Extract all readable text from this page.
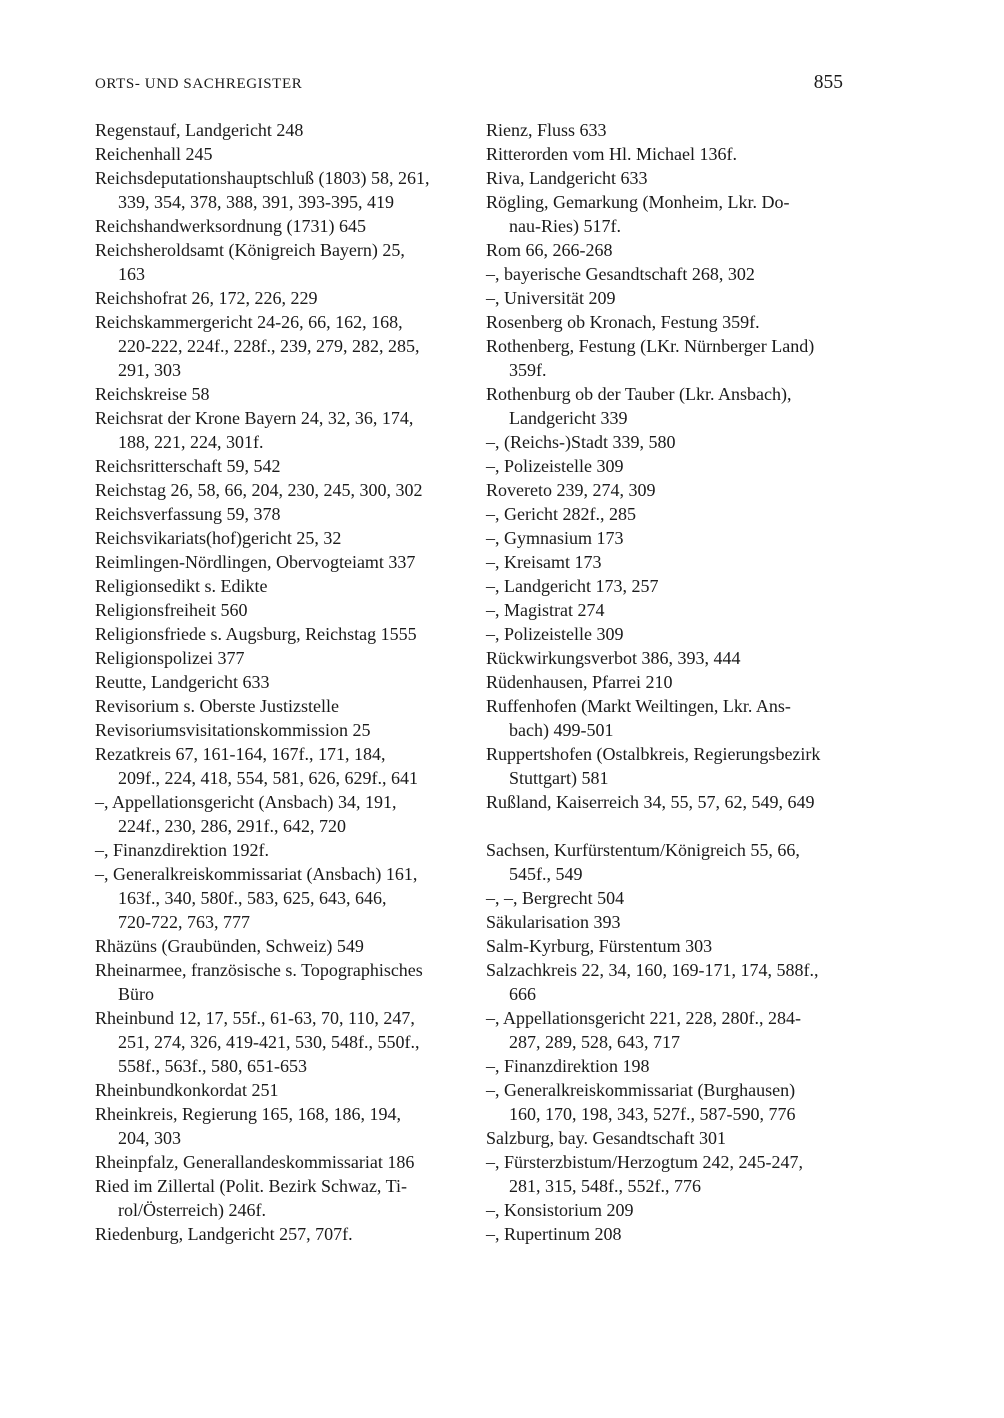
ORTS- UND SACHREGISTER	855
Regenstauf, Landgericht 248
Reichenhall 245
Reichsdeputationshauptschluß (1803) 58, 261,
339, 354, 378, 388, 391, 393-395, 419
Reichshandwerksordnung (1731) 645
Reichsheroldsamt (Königreich Bayern) 25,
163
Reichshofrat 26, 172, 226, 229
Reichskammergericht 24-26, 66, 162, 168,
220-222, 224f., 228f., 239, 279, 282, 285,
291, 303
Reichskreise 58
Reichsrat der Krone Bayern 24, 32, 36, 174,
188, 221, 224, 301f.
Reichsritterschaft 59, 542
Reichstag 26, 58, 66, 204, 230, 245, 300, 302
Reichsverfassung 59, 378
Reichsvikariats(hof)gericht 25, 32
Reimlingen-Nördlingen, Obervogteiamt 337
Religionsedikt s. Edikte
Religionsfreiheit 560
Religionsfriede s. Augsburg, Reichstag 1555
Religionspolizei 377
Reutte, Landgericht 633
Revisorium s. Oberste Justizstelle
Revisoriumsvisitationskommission 25
Rezatkreis 67, 161-164, 167f., 171, 184,
209f., 224, 418, 554, 581, 626, 629f., 641
–, Appellationsgericht (Ansbach) 34, 191,
224f., 230, 286, 291f., 642, 720
–, Finanzdirektion 192f.
–, Generalkreiskommissariat (Ansbach) 161,
163f., 340, 580f., 583, 625, 643, 646,
720-722, 763, 777
Rhäzüns (Graubünden, Schweiz) 549
Rheinarmee, französische s. Topographisches
Büro
Rheinbund 12, 17, 55f., 61-63, 70, 110, 247,
251, 274, 326, 419-421, 530, 548f., 550f.,
558f., 563f., 580, 651-653
Rheinbundkonkordat 251
Rheinkreis, Regierung 165, 168, 186, 194,
204, 303
Rheinpfalz, Generallandeskommissariat 186
Ried im Zillertal (Polit. Bezirk Schwaz, Ti-
rol/Österreich) 246f.
Riedenburg, Landgericht 257, 707f.
Rienz, Fluss 633
Ritterorden vom Hl. Michael 136f.
Riva, Landgericht 633
Rögling, Gemarkung (Monheim, Lkr. Do-
nau-Ries) 517f.
Rom 66, 266-268
–, bayerische Gesandtschaft 268, 302
–, Universität 209
Rosenberg ob Kronach, Festung 359f.
Rothenberg, Festung (LKr. Nürnberger Land)
359f.
Rothenburg ob der Tauber (Lkr. Ansbach),
Landgericht 339
–, (Reichs-)Stadt 339, 580
–, Polizeistelle 309
Rovereto 239, 274, 309
–, Gericht 282f., 285
–, Gymnasium 173
–, Kreisamt 173
–, Landgericht 173, 257
–, Magistrat 274
–, Polizeistelle 309
Rückwirkungsverbot 386, 393, 444
Rüdenhausen, Pfarrei 210
Ruffenhofen (Markt Weiltingen, Lkr. Ans-
bach) 499-501
Ruppertshofen (Ostalbkreis, Regierungsbezirk
Stuttgart) 581
Rußland, Kaiserreich 34, 55, 57, 62, 549, 649
Sachsen, Kurfürstentum/Königreich 55, 66,
545f., 549
–, –, Bergrecht 504
Säkularisation 393
Salm-Kyrburg, Fürstentum 303
Salzachkreis 22, 34, 160, 169-171, 174, 588f.,
666
–, Appellationsgericht 221, 228, 280f., 284-
287, 289, 528, 643, 717
–, Finanzdirektion 198
–, Generalkreiskommissariat (Burghausen)
160, 170, 198, 343, 527f., 587-590, 776
Salzburg, bay. Gesandtschaft 301
–, Fürsterzbistum/Herzogtum 242, 245-247,
281, 315, 548f., 552f., 776
–, Konsistorium 209
–, Rupertinum 208
